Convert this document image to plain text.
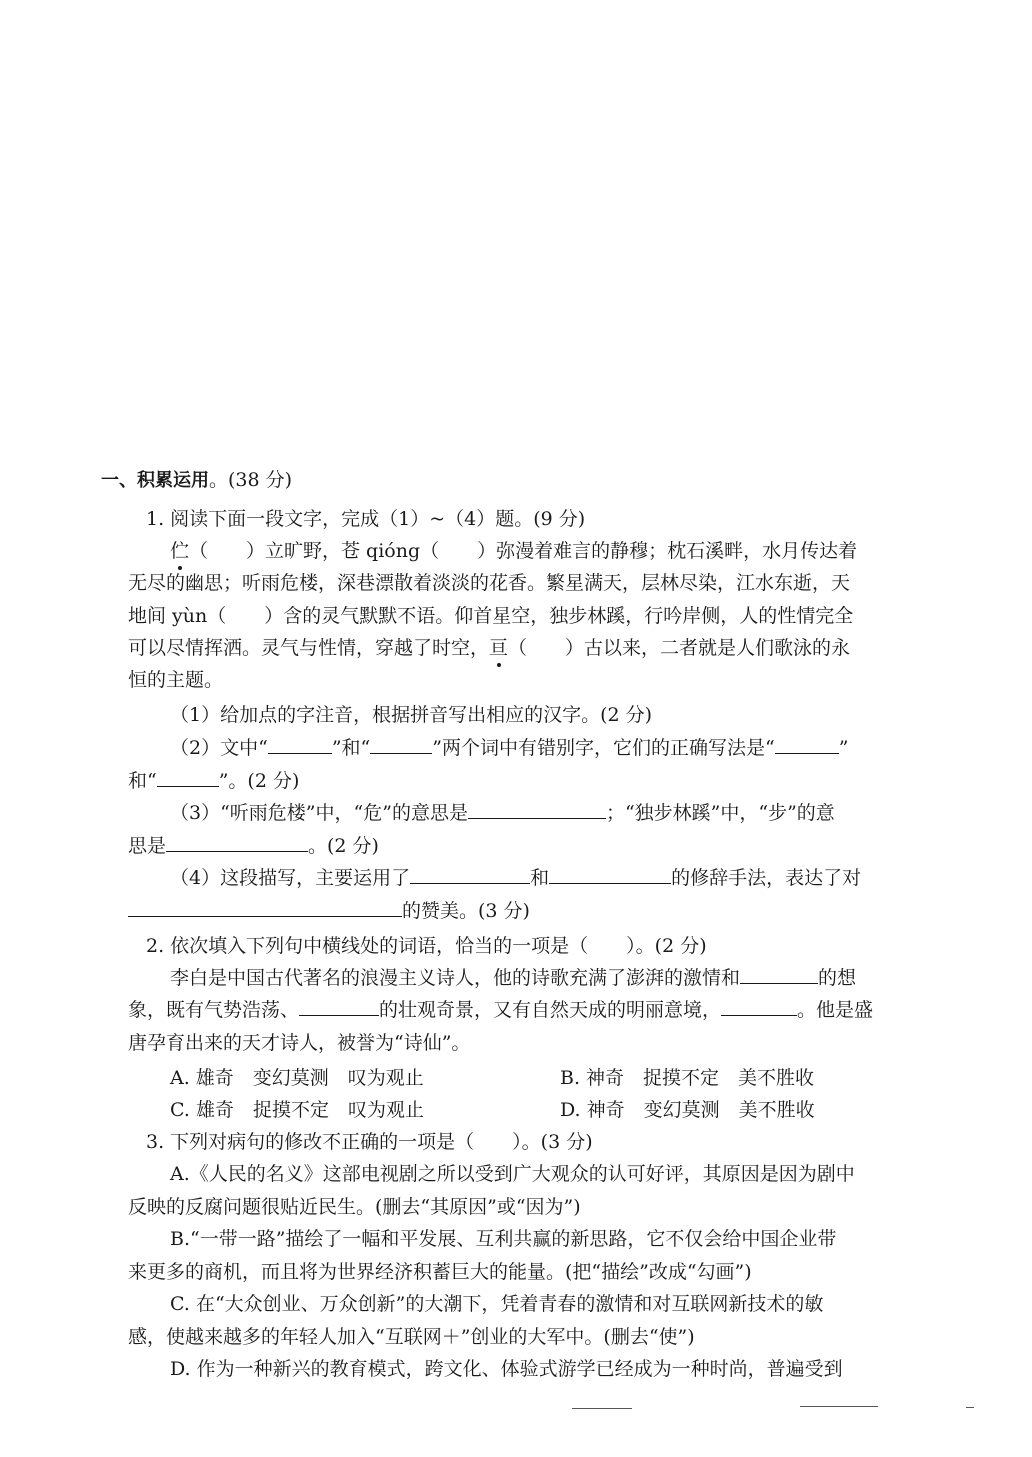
一、积累运用。(38 分)
1. 阅读下面一段文字，完成（1）~（4）题。(9 分)
伫（　　）立旷野，苍 qióng（　　）弥漫着难言的静穆；枕石溪畔，水月传达着
无尽的幽思；听雨危楼，深巷漂散着淡淡的花香。繁星满天，层林尽染，江水东逝，天
地间 yùn（　　）含的灵气默默不语。仰首星空，独步林蹊，行吟岸侧，人的性情完全
可以尽情挥洒。灵气与性情，穿越了时空，亘（　　）古以来，二者就是人们歌泳的永
恒的主题。
（1）给加点的字注音，根据拼音写出相应的汉字。(2 分)
（2）文中“	”和“	”两个词中有错别字，它们的正确写法是“	”
和“	”。(2 分)
（3）“听雨危楼”中，“危”的意思是	；“独步林蹊”中，“步”的意
思是	。(2 分)
（4）这段描写，主要运用了	和	的修辞手法，表达了对
的赞美。(3 分)
2. 依次填入下列句中横线处的词语，恰当的一项是（　　）。(2 分)
李白是中国古代著名的浪漫主义诗人，他的诗歌充满了澎湃的激情和	的想
象，既有气势浩荡、	的壮观奇景，又有自然天成的明丽意境，	。他是盛
唐孕育出来的天才诗人，被誉为“诗仙”。
A. 雄奇　变幻莫测　叹为观止	B. 神奇　捉摸不定　美不胜收
C. 雄奇　捉摸不定　叹为观止	D. 神奇　变幻莫测　美不胜收
3. 下列对病句的修改不正确的一项是（　　）。(3 分)
A.《人民的名义》这部电视剧之所以受到广大观众的认可好评，其原因是因为剧中
反映的反腐问题很贴近民生。(删去“其原因”或“因为”)
B.“一带一路”描绘了一幅和平发展、互利共赢的新思路，它不仅会给中国企业带
来更多的商机，而且将为世界经济积蓄巨大的能量。(把“描绘”改成“勾画”)
C. 在“大众创业、万众创新”的大潮下，凭着青春的激情和对互联网新技术的敏
感，使越来越多的年轻人加入“互联网＋”创业的大军中。(删去“使”)
D. 作为一种新兴的教育模式，跨文化、体验式游学已经成为一种时尚，普遍受到
